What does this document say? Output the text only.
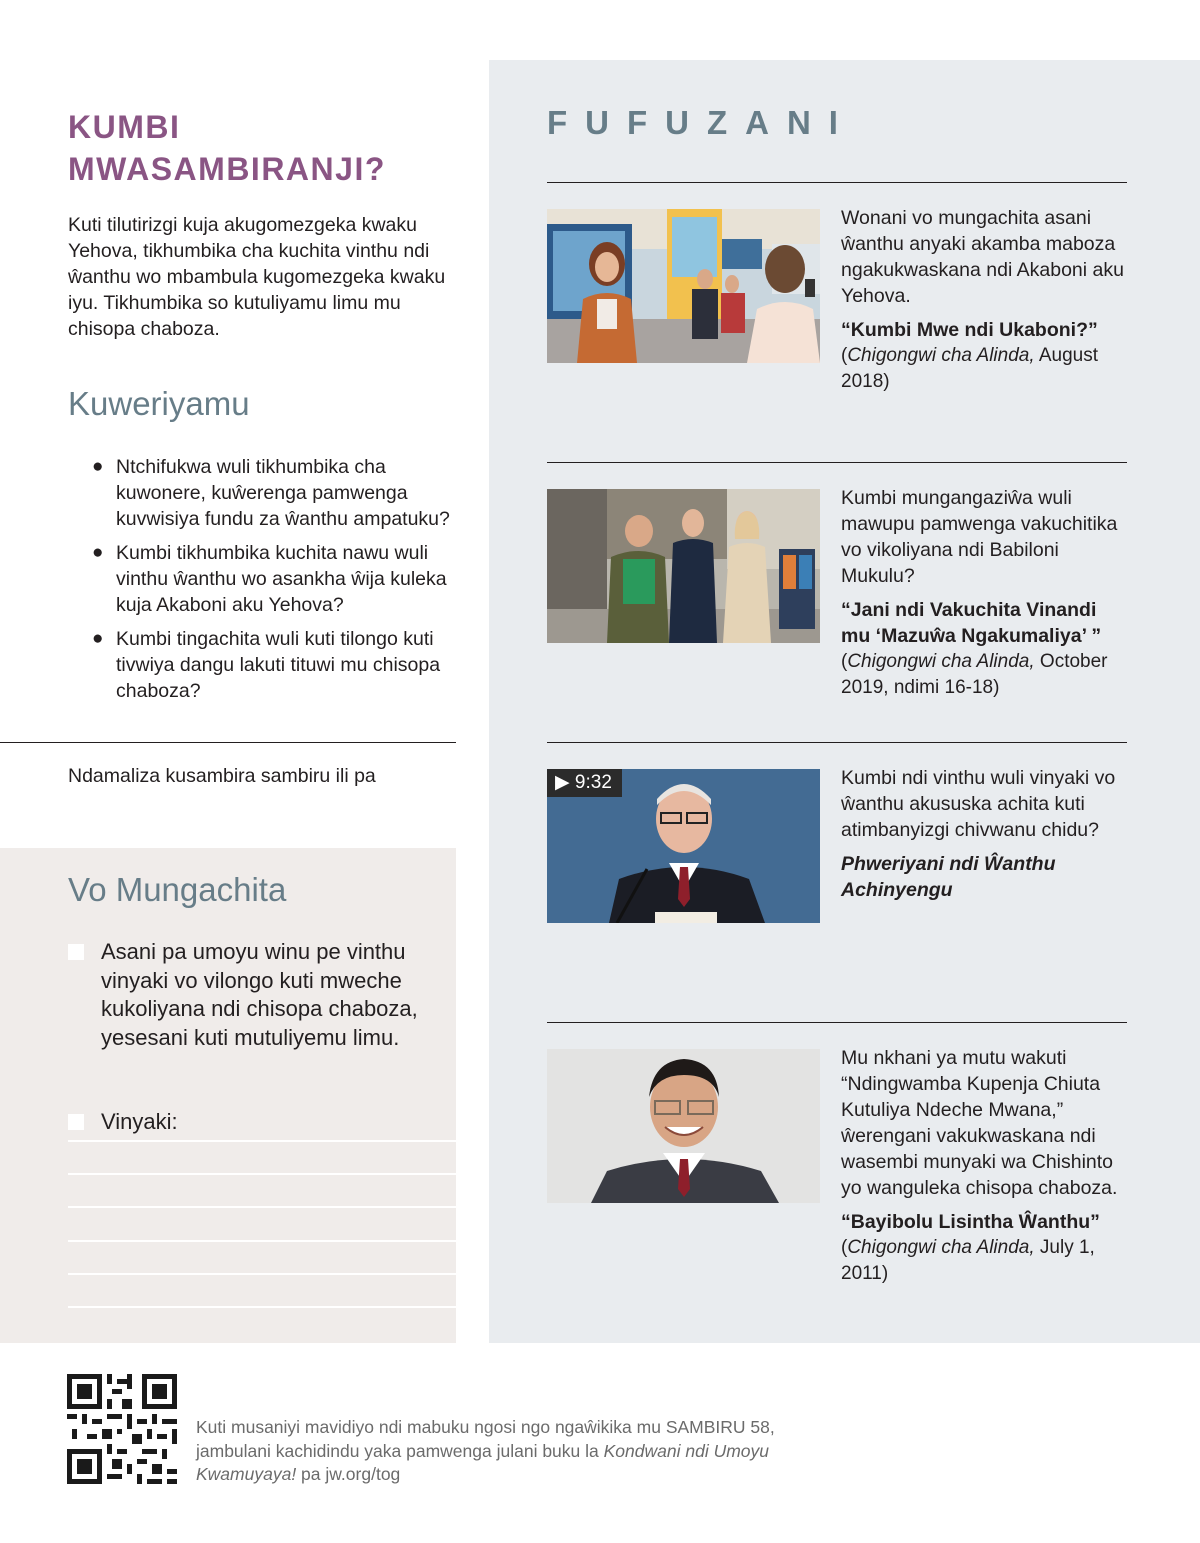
KUMBI
MWASAMBIRANJI?

Kuti tilutirizgi kuja akugomezgeka kwaku Yehova, tikhumbika cha kuchita vinthu ndi ŵanthu wo mbambula kugomezgeka kwaku iyu. Tikhumbika so kutuliyamu limu mu chisopa chaboza.

Kuweriyamu
● Ntchifukwa wuli tikhumbika cha kuwonere, kuŵerenga pamwenga kuvwisiya fundu za ŵanthu ampatuku?
● Kumbi tikhumbika kuchita nawu wuli vinthu ŵanthu wo asankha ŵija kuleka kuja Akaboni aku Yehova?
● Kumbi tingachita wuli kuti tilongo kuti tivwiya dangu lakuti tituwi mu chisopa chaboza?
Ndamaliza kusambira sambiru ili pa
Vo Mungachita
Asani pa umoyu winu pe vinthu vinyaki vo vilongo kuti mweche kukoliyana ndi chisopa chaboza, yesesani kuti mutuliyemu limu.
Vinyaki:
FUFUZANI
Wonani vo mungachita asani ŵanthu anyaki akamba maboza ngakukwaskana ndi Akaboni aku Yehova.
“Kumbi Mwe ndi Ukaboni?”
(Chigongwi cha Alinda, August 2018)
Kumbi mungangaziŵa wuli mawupu pamwenga vakuchitika vo vikoliyana ndi Babiloni Mukulu?
“Jani ndi Vakuchita Vinandi mu ‘Mazuŵa Ngakumaliya’ ”
(Chigongwi cha Alinda, October 2019, ndimi 16-18)
▶ 9:32	Kumbi ndi vinthu wuli vinyaki vo ŵanthu akususka achita kuti atimbanyizgi chivwanu chidu?
Phweriyani ndi Ŵanthu Achinyengu
Mu nkhani ya mutu wakuti “Ndingwamba Kupenja Chiuta Kutuliya Ndeche Mwana,” ŵerengani vakukwaskana ndi wasembi munyaki wa Chishinto yo wanguleka chisopa chaboza.
“Bayibolu Lisintha Ŵanthu”
(Chigongwi cha Alinda, July 1, 2011)

Kuti musaniyi mavidiyo ndi mabuku ngosi ngo ngaŵikika mu SAMBIRU 58, jambulani kachidindu yaka pamwenga julani buku la Kondwani ndi Umoyu Kwamuyaya! pa jw.org/tog
